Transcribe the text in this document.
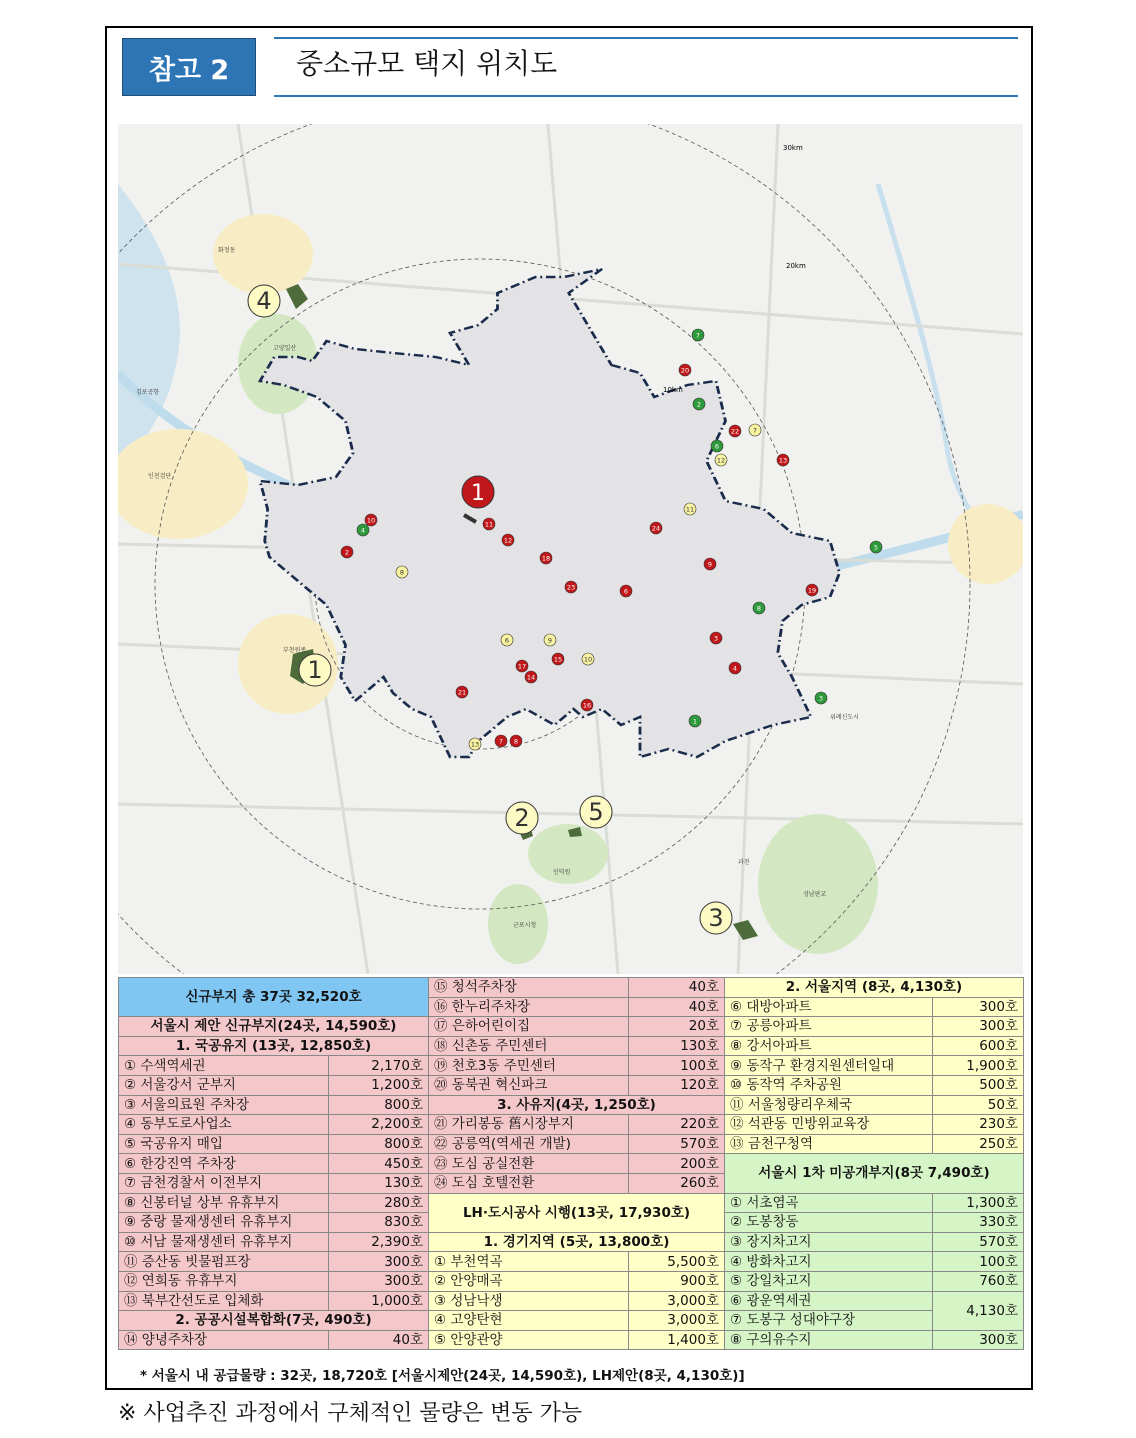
참고 2	중소규모 택지 위치도
30km
20km
10km
화정동
고양일산
김포공항
인천검단
부천원종
인덕원
과천
군포시청
성남판교
위례신도시
10
2
11
12
18
23
24
6
9
19
3
4
15
17
14
21
16
7 8
20
22
13
8
6	9
10
13
11
7
12
4
7
2
6
5
8
3
1
1
2
3
4
5
1
신규부지 총 37곳 32,520호		⑮ 청석주차장	40호	2. 서울지역 (8곳, 4,130호)	
		⑯ 한누리주차장	40호	⑥ 대방아파트	300호
서울시 제안 신규부지(24곳, 14,590호)		⑰ 은하어린이집	20호	⑦ 공릉아파트	300호
1. 국공유지 (13곳, 12,850호)		⑱ 신촌동 주민센터	130호	⑧ 강서아파트	600호
① 수색역세권	2,170호	⑲ 천호3동 주민센터	100호	⑨ 동작구 환경지원센터일대	1,900호
② 서울강서 군부지	1,200호	⑳ 동북권 혁신파크	120호	⑩ 동작역 주차공원	500호
③ 서울의료원 주차장	800호	3. 사유지(4곳, 1,250호)		⑪ 서울청량리우체국	50호
④ 동부도로사업소	2,200호	㉑ 가리봉동 舊시장부지	220호	⑫ 석관동 민방위교육장	230호
⑤ 국공유지 매입	800호	㉒ 공릉역(역세권 개발)	570호	⑬ 금천구청역	250호
⑥ 한강진역 주차장	450호	㉓ 도심 공실전환	200호	서울시 1차 미공개부지(8곳 7,490호)	
⑦ 금천경찰서 이전부지	130호	㉔ 도심 호텔전환	260호		
⑧ 신봉터널 상부 유휴부지	280호	LH·도시공사 시행(13곳, 17,930호)		① 서초염곡	1,300호
⑨ 중랑 물재생센터 유휴부지	830호			② 도봉창동	330호
⑩ 서남 물재생센터 유휴부지	2,390호	1. 경기지역 (5곳, 13,800호)		③ 장지차고지	570호
⑪ 증산동 빗물펌프장	300호	① 부천역곡	5,500호	④ 방화차고지	100호
⑫ 연희동 유휴부지	300호	② 안양매곡	900호	⑤ 강일차고지	760호
⑬ 북부간선도로 입체화	1,000호	③ 성남낙생	3,000호	⑥ 광운역세권	4,130호
2. 공공시설복합화(7곳, 490호)		④ 고양탄현	3,000호	⑦ 도봉구 성대야구장	
⑭ 양녕주차장	40호	⑤ 안양관양	1,400호	⑧ 구의유수지	300호
* 서울시 내 공급물량 : 32곳, 18,720호 [서울시제안(24곳, 14,590호), LH제안(8곳, 4,130호)]
※ 사업추진 과정에서 구체적인 물량은 변동 가능
